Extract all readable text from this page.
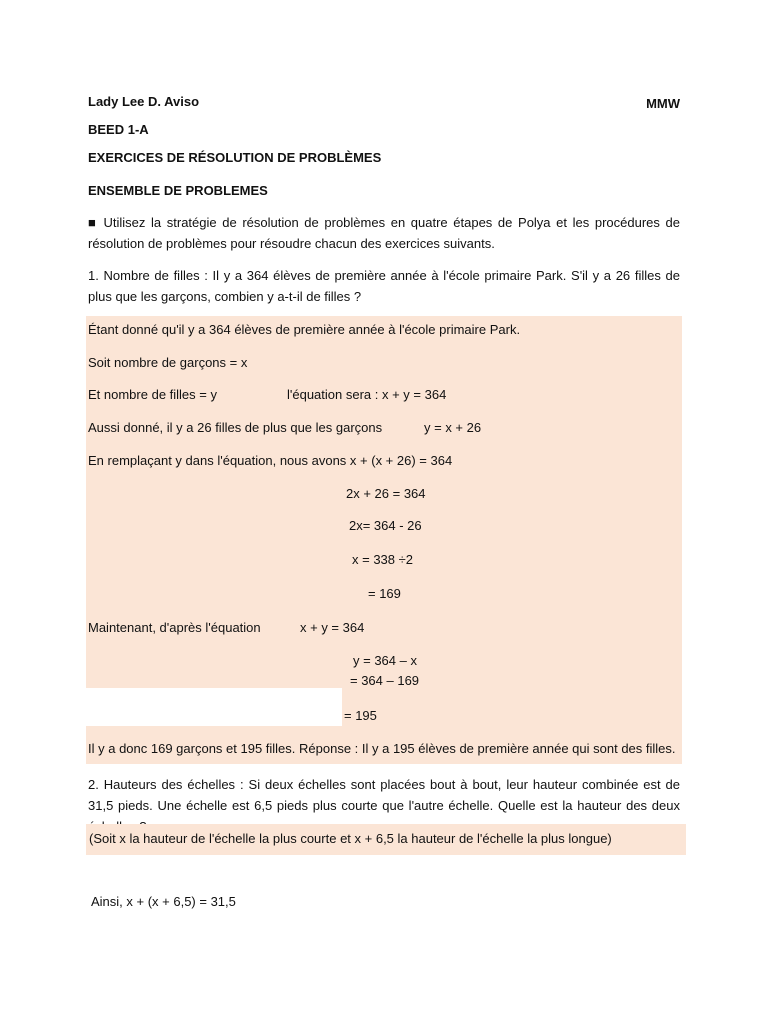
Lady Lee D. Aviso	MMW
BEED 1-A
EXERCICES DE RÉSOLUTION DE PROBLÈMES
ENSEMBLE DE PROBLEMES
■ Utilisez la stratégie de résolution de problèmes en quatre étapes de Polya et les procédures de résolution de problèmes pour résoudre chacun des exercices suivants.
1. Nombre de filles : Il y a 364 élèves de première année à l'école primaire Park. S'il y a 26 filles de plus que les garçons, combien y a-t-il de filles ?
Étant donné qu'il y a 364 élèves de première année à l'école primaire Park.
Soit nombre de garçons = x
Et nombre de filles = y	l'équation sera : x + y = 364
Aussi donné, il y a 26 filles de plus que les garçons	y = x + 26
En remplaçant y dans l'équation, nous avons x + (x + 26) = 364
2x + 26 = 364
2x= 364 - 26
x = 338 ÷2
= 169
Maintenant, d'après l'équation	x + y = 364
y = 364 – x
= 364 – 169
= 195
Il y a donc 169 garçons et 195 filles. Réponse : Il y a 195 élèves de première année qui sont des filles.
2. Hauteurs des échelles : Si deux échelles sont placées bout à bout, leur hauteur combinée est de 31,5 pieds. Une échelle est 6,5 pieds plus courte que l'autre échelle. Quelle est la hauteur des deux
(Soit x la hauteur de l'échelle la plus courte et x + 6,5 la hauteur de l'échelle la plus longue)
Ainsi, x + (x + 6,5) = 31,5
